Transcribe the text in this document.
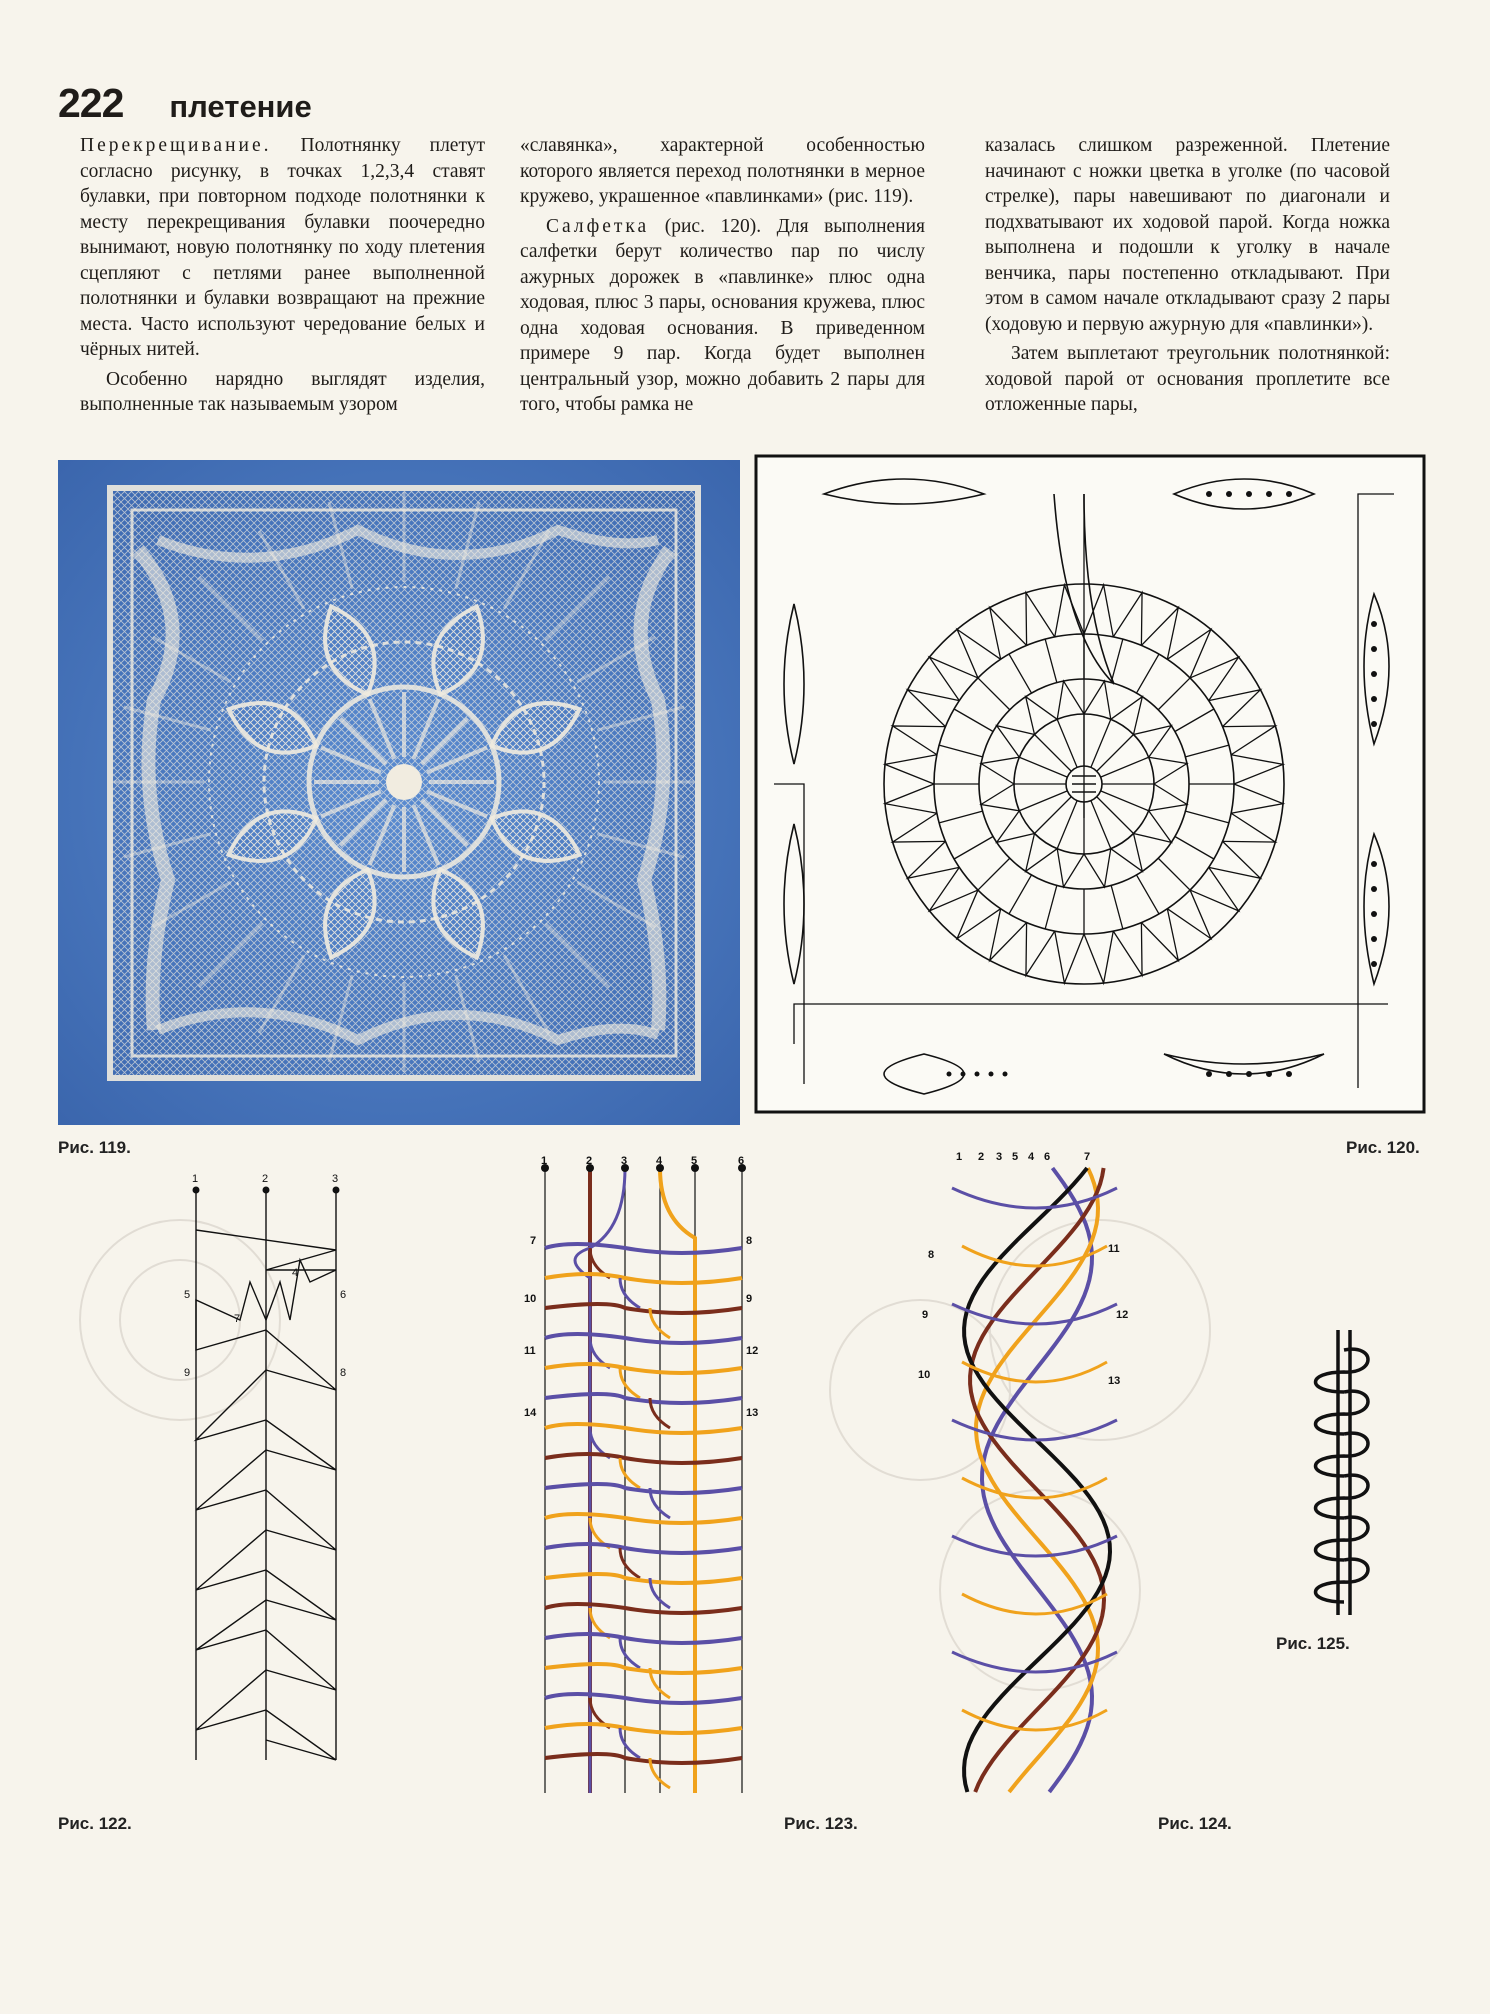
222 плетение

Перекрещивание. Полотнянку плетут согласно рисунку, в точках 1,2,3,4 ставят булавки, при повторном подходе полотнянки к месту перекрещивания булавки поочередно вынимают, новую полотнянку по ходу плетения сцепляют с петлями ранее выполненной полотнянки и булавки возвращают на прежние места. Часто используют чередование белых и чёрных нитей.

Особенно нарядно выглядят изделия, выполненные так называемым узором

«славянка», характерной особенностью которого является переход полотнянки в мерное кружево, украшенное «павлинками» (рис. 119).

Салфетка (рис. 120). Для выполнения салфетки берут количество пар по числу ажурных дорожек в «павлинке» плюс одна ходовая, плюс 3 пары, основания кружева, плюс одна ходовая основания. В приведенном примере 9 пар. Когда будет выполнен центральный узор, можно добавить 2 пары для того, чтобы рамка не

казалась слишком разреженной. Плетение начинают с ножки цветка в уголке (по часовой стрелке), пары навешивают по диагонали и подхватывают их ходовой парой. Когда ножка выполнена и подошли к уголку в начале венчика, пары постепенно откладывают. При этом в самом начале откладывают сразу 2 пары (ходовую и первую ажурную для «павлинки»).

Затем выплетают треугольник полотнянкой: ходовой парой от основания проплетите все отложенные пары,

Рис. 119.	Рис. 120.
1	2	3
4
5	6
7
8
9
Рис. 122.
1	2	3	4	5	6
7	8
9
10
11	12
13
14
Рис. 123.
1 2 3 5 4 6	7
8
9
10
11
12
13
Рис. 124.
Рис. 125.
